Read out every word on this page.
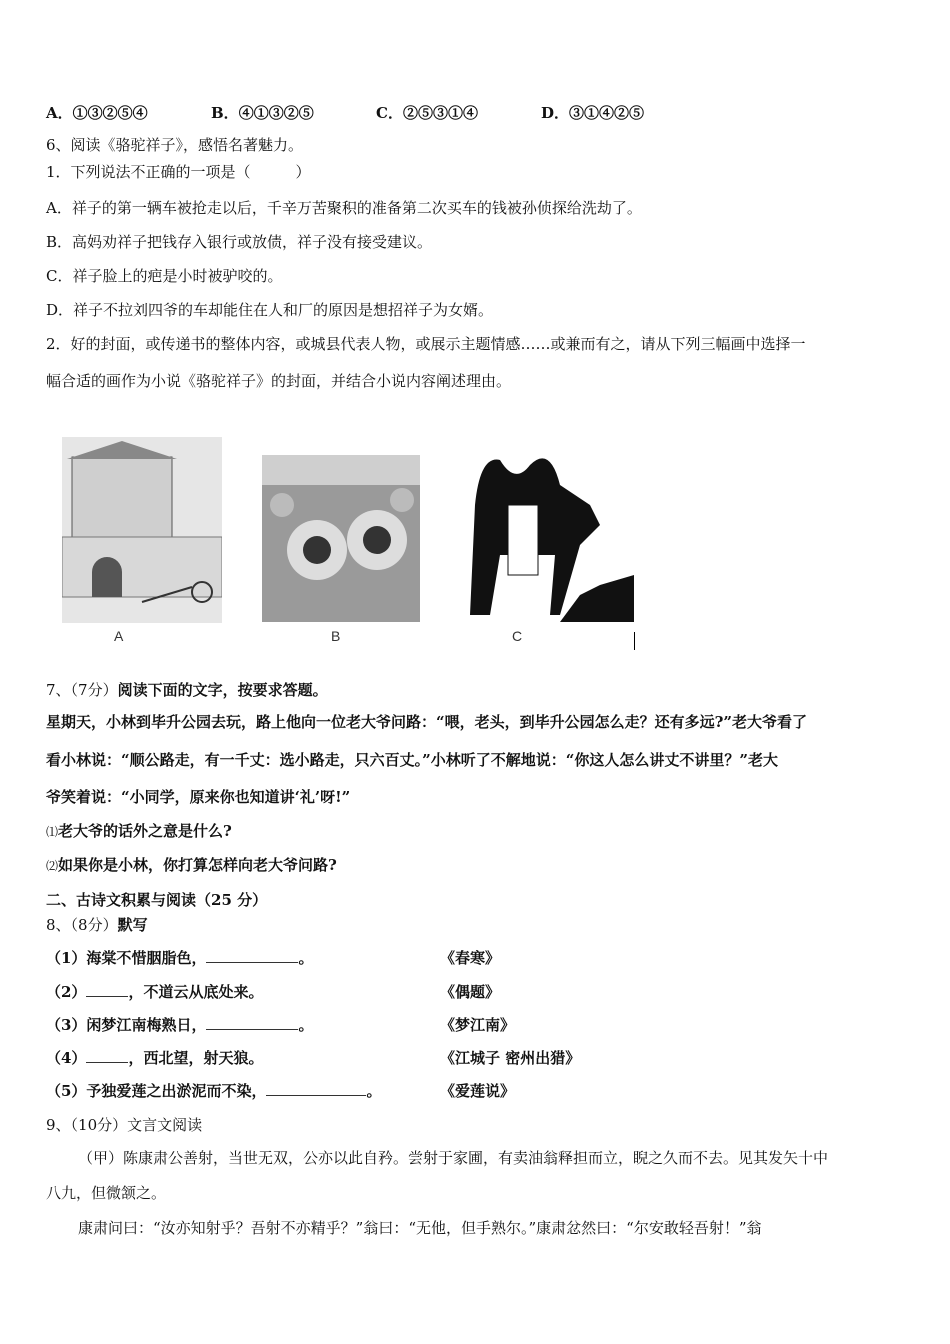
A．①③②⑤④	B．④①③②⑤	C．②⑤③①④	D．③①④②⑤
6、阅读《骆驼祥子》，感悟名著魅力。
1．下列说法不正确的一项是（　　　）
A．祥子的第一辆车被抢走以后，千辛万苦聚积的准备第二次买车的钱被孙侦探给洗劫了。
B．高妈劝祥子把钱存入银行或放债，祥子没有接受建议。
C．祥子脸上的疤是小时被驴咬的。
D．祥子不拉刘四爷的车却能住在人和厂的原因是想招祥子为女婿。
2．好的封面，或传递书的整体内容，或城县代表人物，或展示主题情感……或兼而有之，请从下列三幅画中选择一
幅合适的画作为小说《骆驼祥子》的封面，并结合小说内容阐述理由。
A	B	C
7、（7分）阅读下面的文字，按要求答题。
星期天，小林到毕升公园去玩，路上他向一位老大爷问路：“喂，老头，到毕升公园怎么走？还有多远?”老大爷看了
看小林说：“顺公路走，有一千丈：选小路走，只六百丈。”小林听了不解地说：“你这人怎么讲丈不讲里？”老大
爷笑着说：“小同学，原来你也知道讲‘礼’呀!”
⑴老大爷的话外之意是什么?
⑵如果你是小林，你打算怎样向老大爷问路?
二、古诗文积累与阅读（25 分）
8、（8分）默写
（1）海棠不惜胭脂色，	。	《春寒》
（2）	，不道云从底处来。	《偶题》
（3）闲梦江南梅熟日，	。	《梦江南》
（4）	，西北望，射天狼。	《江城子 密州出猎》
（5）予独爱莲之出淤泥而不染，	。	《爱莲说》
9、（10分）文言文阅读
（甲）陈康肃公善射，当世无双，公亦以此自矜。尝射于家圃，有卖油翁释担而立，睨之久而不去。见其发矢十中
八九，但微颔之。
康肃问曰：“汝亦知射乎？吾射不亦精乎？”翁曰：“无他，但手熟尔。”康肃忿然曰：“尔安敢轻吾射！”翁
